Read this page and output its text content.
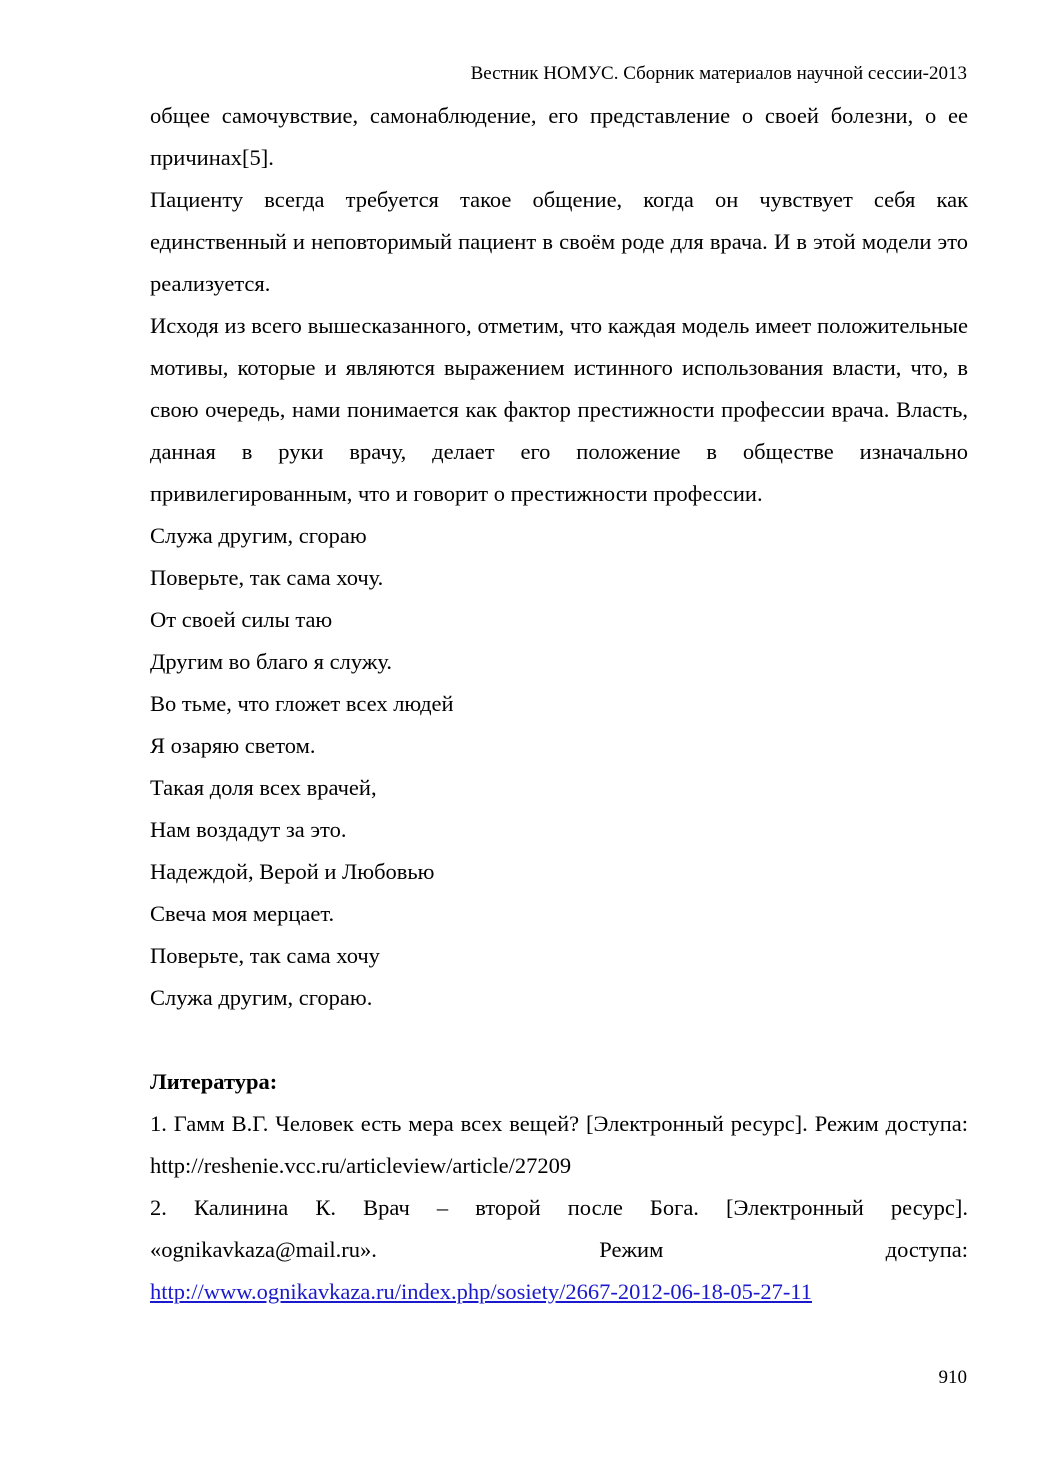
Вестник НОМУС. Сборник материалов научной сессии-2013

общее самочувствие, самонаблюдение, его представление о своей болезни, о ее причинах[5].

Пациенту всегда требуется такое общение, когда он чувствует себя как единственный и неповторимый пациент в своём роде для врача. И в этой модели это реализуется.

Исходя из всего вышесказанного, отметим, что каждая модель имеет положительные мотивы, которые и являются выражением истинного использования власти, что, в свою очередь, нами понимается как фактор престижности профессии врача. Власть, данная в руки врачу, делает его положение в обществе изначально привилегированным, что и говорит о престижности профессии.

Служа другим, сгораю

Поверьте, так сама хочу.

От своей силы таю

Другим во благо я служу.

Во тьме, что гложет всех людей

Я озаряю светом.

Такая доля всех врачей,

Нам воздадут за это.

Надеждой, Верой и Любовью

Свеча моя мерцает.

Поверьте, так сама хочу

Служа другим, сгораю.

Литература:

1. Гамм В.Г. Человек есть мера всех вещей? [Электронный ресурс]. Режим доступа: http://reshenie.vcc.ru/articleview/article/27209

2. Калинина К. Врач – второй после Бога. [Электронный ресурс]. «ognikavkaza@mail.ru». Режим доступа:

http://www.ognikavkaza.ru/index.php/sosiety/2667-2012-06-18-05-27-11

910
